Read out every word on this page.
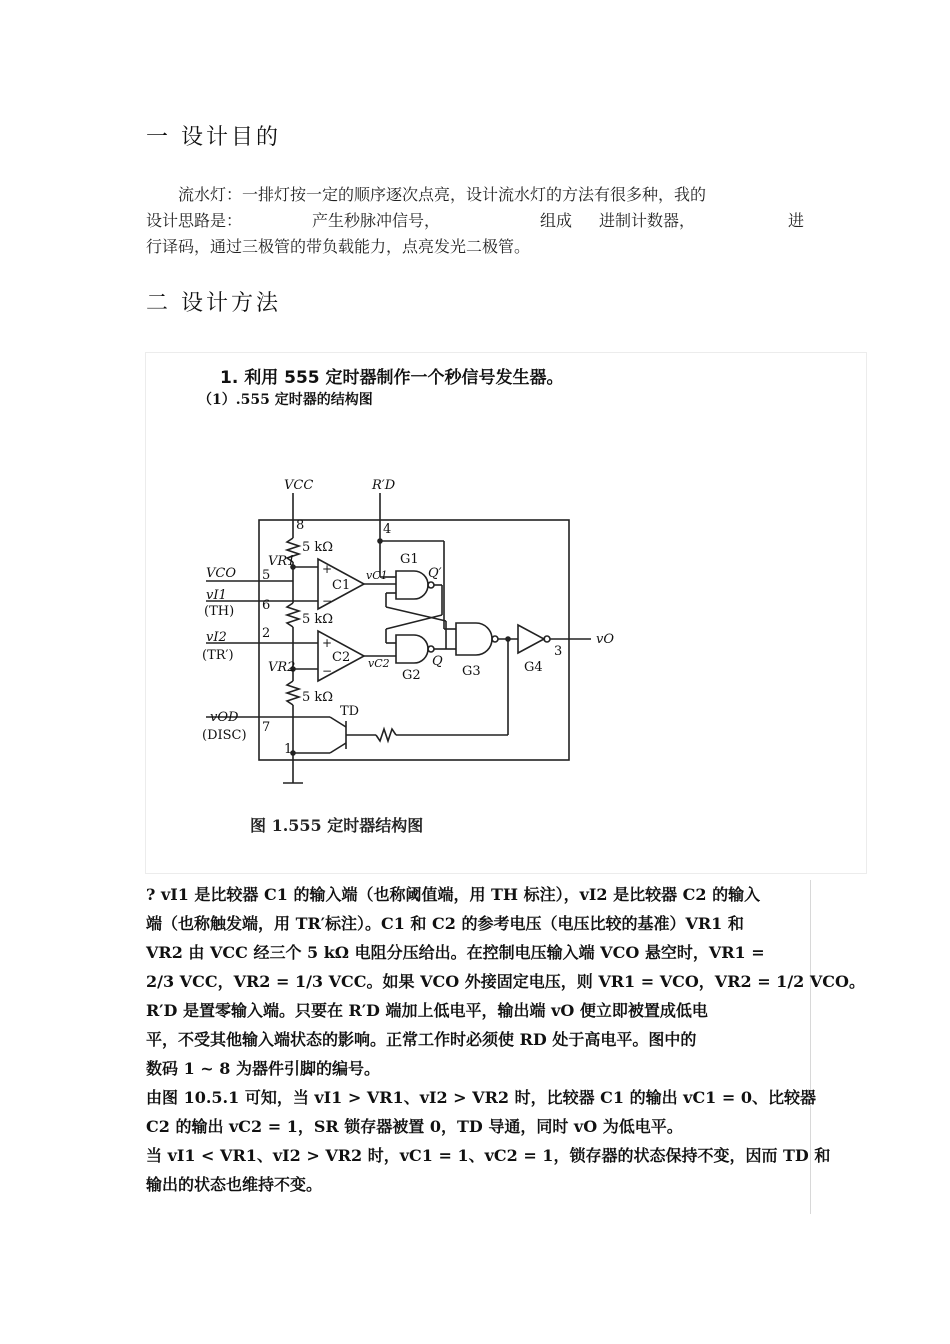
一 设计目的
流水灯：一排灯按一定的顺序逐次点亮，设计流水灯的方法有很多种，我的
设计思路是：	产生秒脉冲信号，	组成 进制计数器，	进
行译码，通过三极管的带负载能力，点亮发光二极管。
二 设计方法
1. 利用 555 定时器制作一个秒信号发生器。
（1）.555 定时器的结构图
VCC	R′D
8	4
5 kΩ
5 kΩ
5 kΩ
VR1
VR2
VCO 5
vI1
(TH) 6
vI2
(TR′)
2
C1
C2
+
−
+
−
vC1
vC2
G1
G2	G3	G4
Q′
Q
vO
3
vOD
(DISC)
7
1
TD
图 1.555 定时器结构图
? vI1 是比较器 C1 的输入端（也称阈值端，用 TH 标注），vI2 是比较器 C2 的输入
端（也称触发端，用 TR′标注）。C1 和 C2 的参考电压（电压比较的基准）VR1 和
VR2 由 VCC 经三个 5 kΩ 电阻分压给出。在控制电压输入端 VCO 悬空时，VR1 =
2/3 VCC，VR2 = 1/3 VCC。如果 VCO 外接固定电压，则 VR1 = VCO，VR2 = 1/2 VCO。
R′D 是置零输入端。只要在 R′D 端加上低电平，输出端 vO 便立即被置成低电
平，不受其他输入端状态的影响。正常工作时必须使 RD 处于高电平。图中的
数码 1 ~ 8 为器件引脚的编号。
由图 10.5.1 可知，当 vI1 > VR1、vI2 > VR2 时，比较器 C1 的输出 vC1 = 0、比较器
C2 的输出 vC2 = 1，SR 锁存器被置 0，TD 导通，同时 vO 为低电平。
当 vI1 < VR1、vI2 > VR2 时，vC1 = 1、vC2 = 1，锁存器的状态保持不变，因而 TD 和
输出的状态也维持不变。
